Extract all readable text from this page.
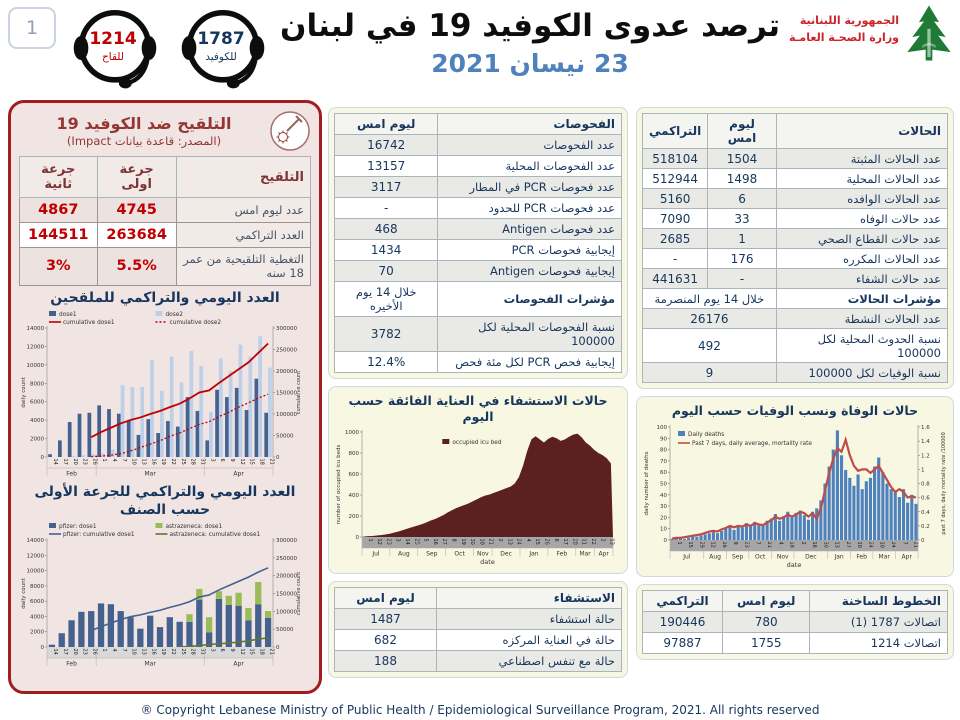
1	1214
للقاح
1787
للكوفيد
ترصد عدوى الكوفيد 19 في لبنان
23 نيسان 2021
الجمهورية اللبنانية
وزارة الصحـة العامـة
التلقيح ضد الكوفيد 19
(المصدر: قاعدة بيانات Impact)
التلقيح	جرعة اولى	جرعة ثانية
عدد ليوم امس	4745	4867
العدد التراكمي	263684	144511
التغطية التلقيحية من عمر 18 سنه	5.5%	3%
العدد اليومي والتراكمي للملقحين
0
2000
4000
6000
8000
10000
12000
14000
0
50000
100000
150000
200000
250000
300000
daily count	cumulative count
14 17 20 23 26 1 4 7 10 13 16 19 22 25 28 31 3 6 9 12 15 18 21
Feb	Mar	Apr
dose1
cumulative dose1
dose2
cumulative dose2
العدد اليومي والتراكمي للجرعة الأولى حسب الصنف
0
2000
4000
6000
8000
10000
12000
14000
0
50000
100000
150000
200000
250000
300000
daily count	cumulative count
14 17 20 23 26 1 4 7 10 13 16 19 22 25 28 31 3 6 9 12 15 18 21
Feb	Mar	Apr
pfizer: dose1
pfizer: cumulative dose1
astrazeneca: dose1
astrazeneca: cumulative dose1
الفحوصات	ليوم امس
عدد الفحوصات	16742
عدد الفحوصات المحلية	13157
عدد فحوصات PCR في المطار	3117
عدد فحوصات PCR للحدود	-
عدد فحوصات Antigen	468
إيجابية فحوصات PCR	1434
إيجابية فحوصات Antigen	70
مؤشرات الفحوصات	خلال 14 يوم الأخيره
نسبة الفحوصات المحلية لكل 100000	3782
إيجابية فحص PCR لكل مئة فحص	12.4%
حالات الاستشفاء في العناية الفائقة حسب اليوم
0
200
400
600
800
1000
number of occupied icu beds
1 12 23 3 14 25 5 16 27 8 19 30 10 21 2 13 24 4 15 26 6 17 28 11 22 2 13
Jul	Aug	Sep	Oct Nov Dec	Jan	Feb Mar Apr
date
occupied icu bed
الاستشفاء	ليوم امس
حالة استشفاء	1487
حالة في العناية المركزه	682
حالة مع تنفس اصطناعي	188
الحالات	ليوم امس	التراكمي
عدد الحالات المثبتة	1504	518104
عدد الحالات المحلية	1498	512944
عدد الحالات الوافده	6	5160
عدد حالات الوفاه	33	7090
عدد حالات القطاع الصحي	1	2685
عدد الحالات المكرره	176	-
عدد حالات الشفاء	-	441631
مؤشرات الحالات	خلال 14 يوم المنصرمة	
عدد الحالات النشطة	26176	
نسبة الحدوث المحلية لكل 100000	492	
نسبة الوفيات لكل 100000	9	
حالات الوفاة ونسب الوفيات حسب اليوم
0
10
20
30
40
50
60
70
80
90
100
0
0.2
0.4
0.6
0.8
1
1.2
1.4
1.6
daily number of deaths	past 7 days, daily mortality rate /100000
1 15 29 12 26 9 23 7 21 4 18 2 16 30 13 27 10 24 10 24 7 21
Jul	Aug Sep Oct Nov	Dec	Jan Feb Mar Apr
date
Daily deaths
Past 7 days, daily average, mortality rate
الخطوط الساخنة	ليوم امس	التراكمي
اتصالات 1787 (1)	780	190446
اتصالات 1214	1755	97887
® Copyright Lebanese Ministry of Public Health / Epidemiological Surveillance Program, 2021. All rights reserved
